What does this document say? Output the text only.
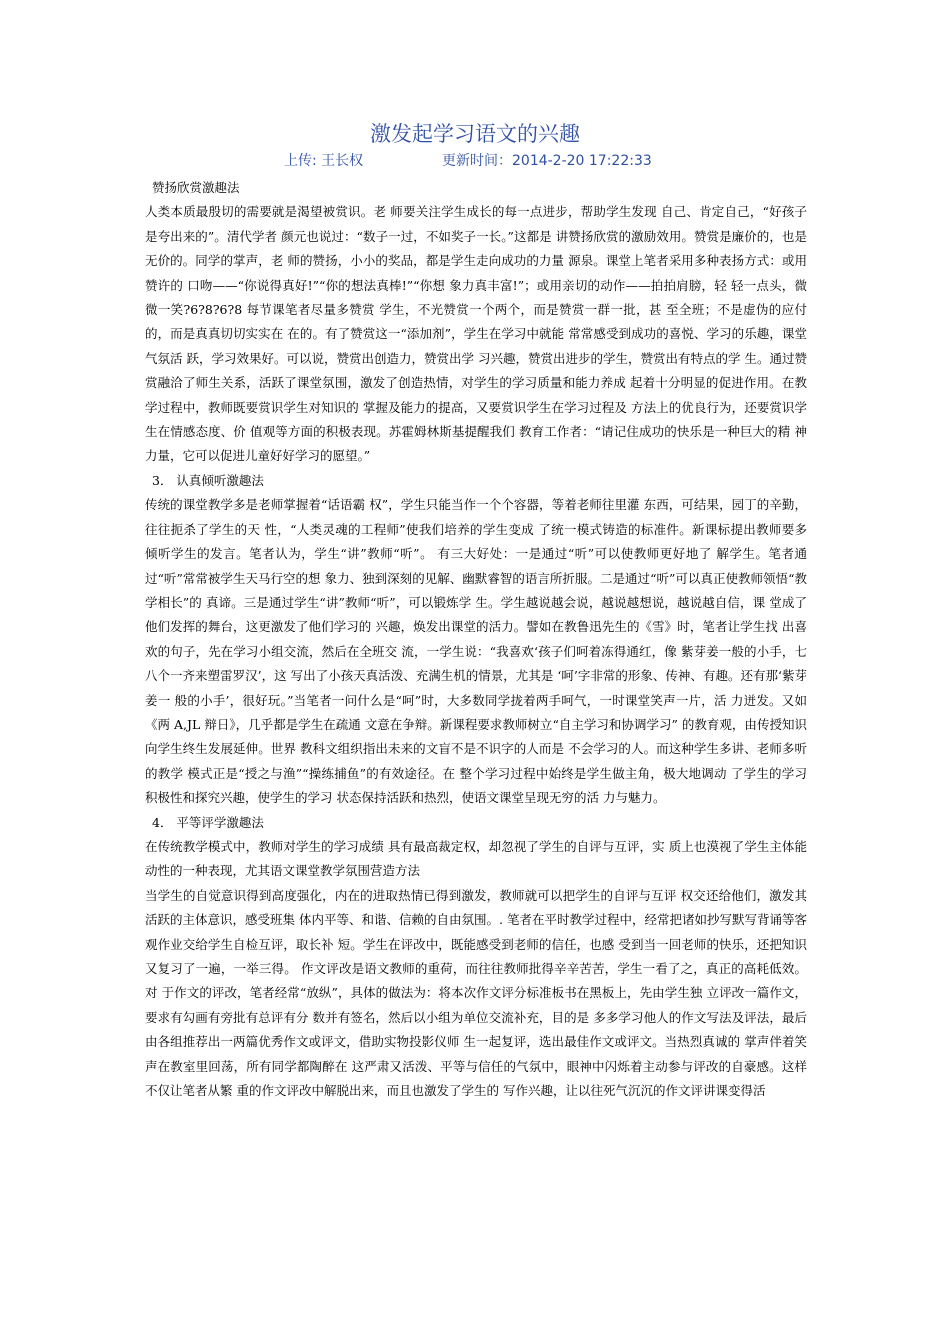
激发起学习语文的兴趣
上传: 王长权	更新时间：2014-2-20 17:22:33

赞扬欣赏激趣法

人类本质最殷切的需要就是渴望被赏识。老 师要关注学生成长的每一点进步，帮助学生发现 自己、肯定自己，“好孩子是夸出来的”。清代学者 颜元也说过：“数子一过，不如奖子一长。”这都是 讲赞扬欣赏的激励效用。赞赏是廉价的，也是无价的。同学的掌声，老 师的赞扬，小小的奖品，都是学生走向成功的力量 源泉。课堂上笔者采用多种表扬方式：或用赞许的 口吻——“你说得真好!”“你的想法真棒!”“你想 象力真丰富!”；或用亲切的动作——拍拍肩膀，轻 轻一点头，微微一笑?6?8?6?8 每节课笔者尽量多赞赏 学生，不光赞赏一个两个，而是赞赏一群一批，甚 至全班；不是虚伪的应付的，而是真真切切实实在 在的。有了赞赏这一“添加剂”，学生在学习中就能 常常感受到成功的喜悦、学习的乐趣，课堂气氛活 跃，学习效果好。可以说，赞赏出创造力，赞赏出学 习兴趣，赞赏出进步的学生，赞赏出有特点的学 生。通过赞赏融洽了师生关系，活跃了课堂氛围，激发了创造热情，对学生的学习质量和能力养成 起着十分明显的促进作用。在教学过程中，教师既要赏识学生对知识的 掌握及能力的提高，又要赏识学生在学习过程及 方法上的优良行为，还要赏识学生在情感态度、价 值观等方面的积极表现。苏霍姆林斯基提醒我们 教育工作者：“请记住成功的快乐是一种巨大的精 神力量，它可以促进儿童好好学习的愿望。”

3． 认真倾听激趣法

传统的课堂教学多是老师掌握着“话语霸 权”，学生只能当作一个个容器，等着老师往里灌 东西，可结果，园丁的辛勤，往往扼杀了学生的天 性，“人类灵魂的工程师”使我们培养的学生变成 了统一模式铸造的标准件。新课标提出教师要多 倾听学生的发言。笔者认为，学生“讲”教师“听”。 有三大好处：一是通过“听”可以使教师更好地了 解学生。笔者通过“听”常常被学生天马行空的想 象力、独到深刻的见解、幽默睿智的语言所折服。二是通过“听”可以真正使教师领悟“教学相长”的 真谛。三是通过学生“讲”教师“听”，可以锻炼学 生。学生越说越会说，越说越想说，越说越自信，课 堂成了他们发挥的舞台，这更激发了他们学习的 兴趣，焕发出课堂的活力。譬如在教鲁迅先生的《雪》时，笔者让学生找 出喜欢的句子，先在学习小组交流，然后在全班交 流，一学生说：“我喜欢‘孩子们呵着冻得通红，像 紫芽姜一般的小手，七八个一齐来塑雷罗汉’，这 写出了小孩天真活泼、充满生机的情景，尤其是 ‘呵’字非常的形象、传神、有趣。还有那‘紫芽姜一 般的小手’，很好玩。”当笔者一问什么是“呵”时，大多数同学拢着两手呵气，一时课堂笑声一片，活 力迸发。又如《两 A,JL 辩日》，几乎都是学生在疏通 文意在争辩。新课程要求教师树立“自主学习和协调学习” 的教育观，由传授知识向学生终生发展延伸。世界 教科文组织指出未来的文盲不是不识字的人而是 不会学习的人。而这种学生多讲、老师多听的教学 模式正是“授之与渔”“操练捕鱼”的有效途径。在 整个学习过程中始终是学生做主角，极大地调动 了学生的学习积极性和探究兴趣，使学生的学习 状态保持活跃和热烈，使语文课堂呈现无穷的活 力与魅力。

4． 平等评学激趣法

在传统教学模式中，教师对学生的学习成绩 具有最高裁定权，却忽视了学生的自评与互评，实 质上也漠视了学生主体能动性的一种表现，尤其语文课堂教学氛围营造方法

当学生的自觉意识得到高度强化，内在的进取热情已得到激发，教师就可以把学生的自评与互评 权交还给他们，激发其活跃的主体意识，感受班集 体内平等、和谐、信赖的自由氛围。. 笔者在平时教学过程中，经常把诸如抄写默写背诵等客观作业交给学生自检互评，取长补 短。学生在评改中，既能感受到老师的信任，也感 受到当一回老师的快乐，还把知识又复习了一遍，一举三得。 作文评改是语文教师的重荷，而往往教师批得辛辛苦苦，学生一看了之，真正的高耗低效。对 于作文的评改，笔者经常“放纵”，具体的做法为：将本次作文评分标准板书在黑板上，先由学生独 立评改一篇作文，要求有勾画有旁批有总评有分 数并有签名，然后以小组为单位交流补充，目的是 多多学习他人的作文写法及评法，最后由各组推荐出一两篇优秀作文或评文，借助实物投影仪师 生一起复评，选出最佳作文或评文。当热烈真诚的 掌声伴着笑声在教室里回荡，所有同学都陶醉在 这严肃又活泼、平等与信任的气氛中，眼神中闪烁着主动参与评改的自豪感。这样不仅让笔者从繁 重的作文评改中解脱出来，而且也激发了学生的 写作兴趣，让以往死气沉沉的作文评讲课变得活
